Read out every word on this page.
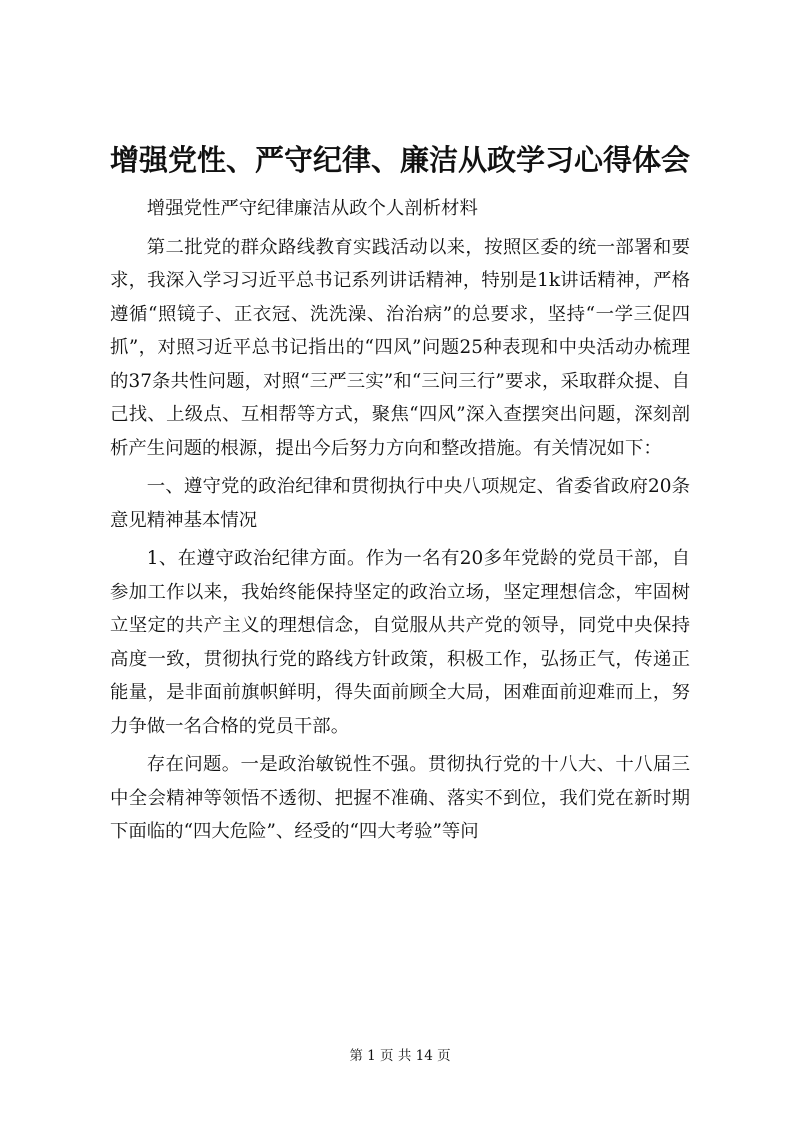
增强党性、严守纪律、廉洁从政学习心得体会

增强党性严守纪律廉洁从政个人剖析材料

第二批党的群众路线教育实践活动以来，按照区委的统一部署和要求，我深入学习习近平总书记系列讲话精神，特别是1k讲话精神，严格遵循“照镜子、正衣冠、洗洗澡、治治病”的总要求，坚持“一学三促四抓”，对照习近平总书记指出的“四风”问题25种表现和中央活动办梳理的37条共性问题，对照“三严三实”和“三问三行”要求，采取群众提、自己找、上级点、互相帮等方式，聚焦“四风”深入查摆突出问题，深刻剖析产生问题的根源，提出今后努力方向和整改措施。有关情况如下：

一、遵守党的政治纪律和贯彻执行中央八项规定、省委省政府20条意见精神基本情况

1、在遵守政治纪律方面。作为一名有20多年党龄的党员干部，自参加工作以来，我始终能保持坚定的政治立场，坚定理想信念，牢固树立坚定的共产主义的理想信念，自觉服从共产党的领导，同党中央保持高度一致，贯彻执行党的路线方针政策，积极工作，弘扬正气，传递正能量，是非面前旗帜鲜明，得失面前顾全大局，困难面前迎难而上，努力争做一名合格的党员干部。

存在问题。一是政治敏锐性不强。贯彻执行党的十八大、十八届三中全会精神等领悟不透彻、把握不准确、落实不到位，我们党在新时期下面临的“四大危险”、经受的“四大考验”等问

第 1 页 共 14 页
